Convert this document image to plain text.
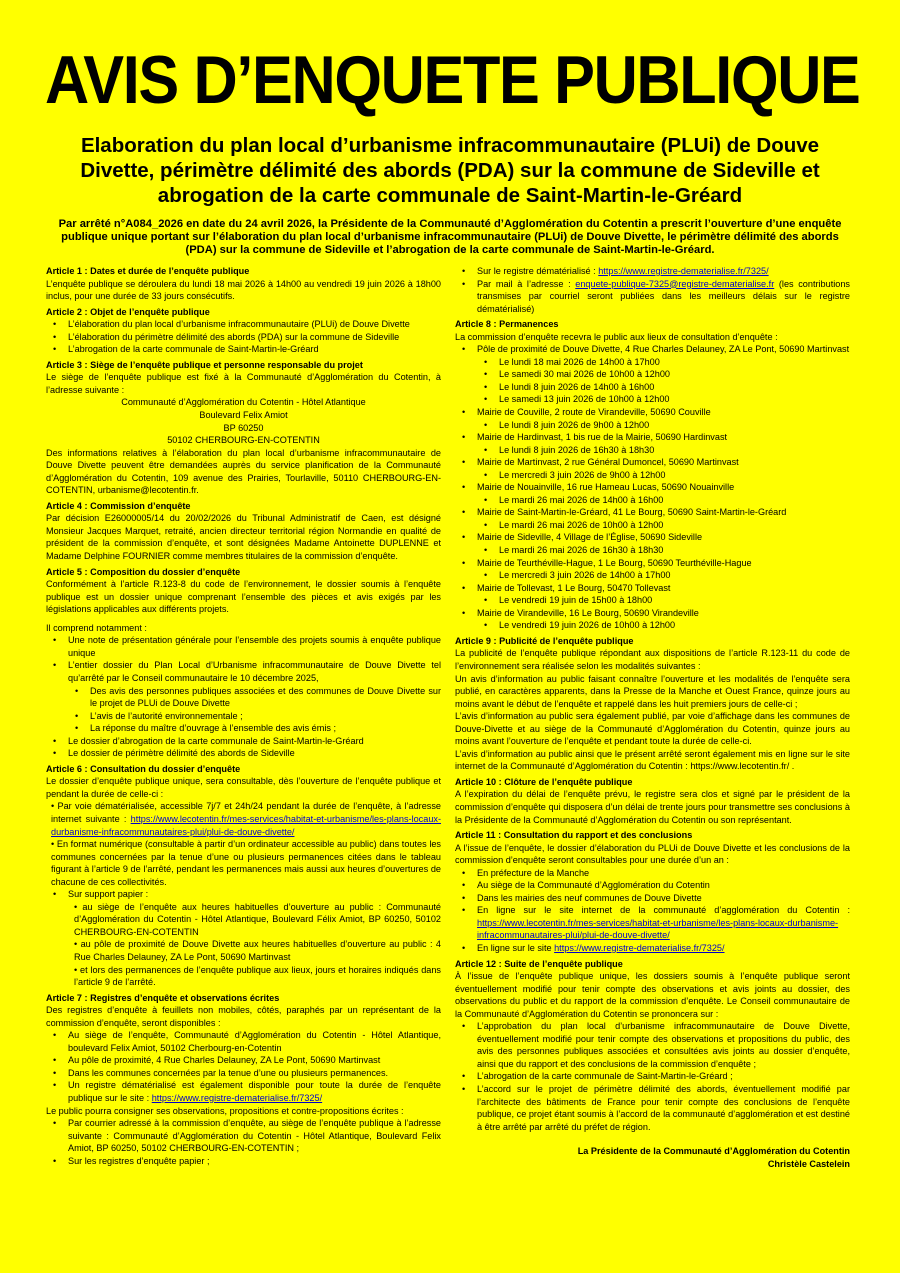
AVIS D’ENQUETE PUBLIQUE
Elaboration du plan local d’urbanisme infracommunautaire (PLUi) de Douve Divette, périmètre délimité des abords (PDA) sur la commune de Sideville et abrogation de la carte communale de Saint-Martin-le-Gréard
Par arrêté n°A084_2026 en date du 24 avril 2026, la Présidente de la Communauté d’Agglomération du Cotentin a prescrit l’ouverture d’une enquête publique unique portant sur l’élaboration du plan local d’urbanisme infracommunautaire (PLUi) de Douve Divette, le périmètre délimité des abords (PDA) sur la commune de Sideville et l’abrogation de la carte communale de Saint-Martin-le-Gréard.
Article 1 : Dates et durée de l’enquête publique
L’enquête publique se déroulera du lundi 18 mai 2026 à 14h00 au vendredi 19 juin 2026 à 18h00 inclus, pour une durée de 33 jours consécutifs.
Article 2 : Objet de l’enquête publique
• L’élaboration du plan local d’urbanisme infracommunautaire (PLUi) de Douve Divette
• L’élaboration du périmètre délimité des abords (PDA) sur la commune de Sideville
• L’abrogation de la carte communale de Saint-Martin-le-Gréard
Article 3 : Siège de l’enquête publique et personne responsable du projet
Le siège de l’enquête publique est fixé à la Communauté d’Agglomération du Cotentin, à l’adresse suivante :
Communauté d’Agglomération du Cotentin - Hôtel Atlantique
Boulevard Felix Amiot
BP 60250
50102 CHERBOURG-EN-COTENTIN
Des informations relatives à l’élaboration du plan local d’urbanisme infracommunautaire de Douve Divette peuvent être demandées auprès du service planification de la Communauté d’Agglomération du Cotentin, 109 avenue des Prairies, Tourlaville, 50110 CHERBOURG-EN-COTENTIN, urbanisme@lecotentin.fr.
Article 4 : Commission d’enquête
Par décision E26000005/14 du 20/02/2026 du Tribunal Administratif de Caen, est désigné Monsieur Jacques Marquet, retraité, ancien directeur territorial région Normandie en qualité de président de la commission d’enquête, et sont désignées Madame Antoinette DUPLENNE et Madame Delphine FOURNIER comme membres titulaires de la commission d’enquête.
Article 5 : Composition du dossier d’enquête
Conformément à l’article R.123-8 du code de l’environnement, le dossier soumis à l’enquête publique est un dossier unique comprenant l’ensemble des pièces et avis exigés par les législations applicables aux différents projets.
Il comprend notamment :
• Une note de présentation générale pour l’ensemble des projets soumis à enquête publique unique
• L’entier dossier du Plan Local d’Urbanisme infracommunautaire de Douve Divette tel qu’arrêté par le Conseil communautaire le 10 décembre 2025,
• Des avis des personnes publiques associées et des communes de Douve Divette sur le projet de PLUi de Douve Divette
• L’avis de l’autorité environnementale ;
• La réponse du maître d’ouvrage à l’ensemble des avis émis ;
• Le dossier d’abrogation de la carte communale de Saint-Martin-le-Gréard
• Le dossier de périmètre délimité des abords de Sideville
Article 6 : Consultation du dossier d’enquête
Le dossier d’enquête publique unique, sera consultable, dès l’ouverture de l’enquête publique et pendant la durée de celle-ci :
• Par voie dématérialisée, accessible 7j/7 et 24h/24 pendant la durée de l’enquête, à l’adresse internet suivante : https://www.lecotentin.fr/mes-services/habitat-et-urbanisme/les-plans-locaux-durbanisme-infracommunautaires-plui/plui-de-douve-divette/
• En format numérique (consultable à partir d’un ordinateur accessible au public) dans toutes les communes concernées par la tenue d’une ou plusieurs permanences citées dans le tableau figurant à l’article 9 de l’arrêté, pendant les permanences mais aussi aux heures d’ouvertures de chacune de ces collectivités.
• Sur support papier :
• au siège de l’enquête aux heures habituelles d’ouverture au public : Communauté d’Agglomération du Cotentin - Hôtel Atlantique, Boulevard Félix Amiot, BP 60250, 50102 CHERBOURG-EN-COTENTIN
• au pôle de proximité de Douve Divette aux heures habituelles d’ouverture au public : 4 Rue Charles Delauney, ZA Le Pont, 50690 Martinvast
• et lors des permanences de l’enquête publique aux lieux, jours et horaires indiqués dans l’article 9 de l’arrêté.
Article 7 : Registres d’enquête et observations écrites
Des registres d’enquête à feuillets non mobiles, côtés, paraphés par un représentant de la commission d’enquête, seront disponibles :
• Au siège de l’enquête, Communauté d’Agglomération du Cotentin - Hôtel Atlantique, boulevard Felix Amiot, 50102 Cherbourg-en-Cotentin
• Au pôle de proximité, 4 Rue Charles Delauney, ZA Le Pont, 50690 Martinvast
• Dans les communes concernées par la tenue d’une ou plusieurs permanences.
• Un registre dématérialisé est également disponible pour toute la durée de l’enquête publique sur le site : https://www.registre-dematerialise.fr/7325/
Le public pourra consigner ses observations, propositions et contre-propositions écrites :
• Par courrier adressé à la commission d’enquête, au siège de l’enquête publique à l’adresse suivante : Communauté d’Agglomération du Cotentin - Hôtel Atlantique, Boulevard Felix Amiot, BP 60250, 50102 CHERBOURG-EN-COTENTIN ;
• Sur les registres d’enquête papier ;
• Sur le registre dématérialisé : https://www.registre-dematerialise.fr/7325/
• Par mail à l’adresse : enquete-publique-7325@registre-dematerialise.fr (les contributions transmises par courriel seront publiées dans les meilleurs délais sur le registre dématérialisé)
Article 8 : Permanences
La commission d’enquête recevra le public aux lieux de consultation d’enquête :
• Pôle de proximité de Douve Divette, 4 Rue Charles Delauney, ZA Le Pont, 50690 Martinvast
• Le lundi 18 mai 2026 de 14h00 à 17h00
• Le samedi 30 mai 2026 de 10h00 à 12h00
• Le lundi 8 juin 2026 de 14h00 à 16h00
• Le samedi 13 juin 2026 de 10h00 à 12h00
• Mairie de Couville, 2 route de Virandeville, 50690 Couville
• Le lundi 8 juin 2026 de 9h00 à 12h00
• Mairie de Hardinvast, 1 bis rue de la Mairie, 50690 Hardinvast
• Le lundi 8 juin 2026 de 16h30 à 18h30
• Mairie de Martinvast, 2 rue Général Dumoncel, 50690 Martinvast
• Le mercredi 3 juin 2026 de 9h00 à 12h00
• Mairie de Nouainville, 16 rue Hameau Lucas, 50690 Nouainville
• Le mardi 26 mai 2026 de 14h00 à 16h00
• Mairie de Saint-Martin-le-Gréard, 41 Le Bourg, 50690 Saint-Martin-le-Gréard
• Le mardi 26 mai 2026 de 10h00 à 12h00
• Mairie de Sideville, 4 Village de l’Église, 50690 Sideville
• Le mardi 26 mai 2026 de 16h30 à 18h30
• Mairie de Teurthéville-Hague, 1 Le Bourg, 50690 Teurthéville-Hague
• Le mercredi 3 juin 2026 de 14h00 à 17h00
• Mairie de Tollevast, 1 Le Bourg, 50470 Tollevast
• Le vendredi 19 juin de 15h00 à 18h00
• Mairie de Virandeville, 16 Le Bourg, 50690 Virandeville
• Le vendredi 19 juin 2026 de 10h00 à 12h00
Article 9 : Publicité de l’enquête publique
La publicité de l’enquête publique répondant aux dispositions de l’article R.123-11 du code de l’environnement sera réalisée selon les modalités suivantes :
Un avis d’information au public faisant connaître l’ouverture et les modalités de l’enquête sera publié, en caractères apparents, dans la Presse de la Manche et Ouest France, quinze jours au moins avant le début de l’enquête et rappelé dans les huit premiers jours de celle-ci ;
L’avis d’information au public sera également publié, par voie d’affichage dans les communes de Douve-Divette et au siège de la Communauté d’Agglomération du Cotentin, quinze jours au moins avant l’ouverture de l’enquête et pendant toute la durée de celle-ci.
L’avis d’information au public ainsi que le présent arrêté seront également mis en ligne sur le site internet de la Communauté d’Agglomération du Cotentin : https://www.lecotentin.fr/ .
Article 10 : Clôture de l’enquête publique
A l’expiration du délai de l’enquête prévu, le registre sera clos et signé par le président de la commission d’enquête qui disposera d’un délai de trente jours pour transmettre ses conclusions à la Présidente de la Communauté d’Agglomération du Cotentin ou son représentant.
Article 11 : Consultation du rapport et des conclusions
A l’issue de l’enquête, le dossier d’élaboration du PLUi de Douve Divette et les conclusions de la commission d’enquête seront consultables pour une durée d’un an :
• En préfecture de la Manche
• Au siège de la Communauté d’Agglomération du Cotentin
• Dans les mairies des neuf communes de Douve Divette
• En ligne sur le site internet de la communauté d’agglomération du Cotentin : https://www.lecotentin.fr/mes-services/habitat-et-urbanisme/les-plans-locaux-durbanisme-infracommunautaires-plui/plui-de-douve-divette/
• En ligne sur le site https://www.registre-dematerialise.fr/7325/
Article 12 : Suite de l’enquête publique
À l’issue de l’enquête publique unique, les dossiers soumis à l’enquête publique seront éventuellement modifié pour tenir compte des observations et avis joints au dossier, des observations du public et du rapport de la commission d’enquête. Le Conseil communautaire de la Communauté d’Agglomération du Cotentin se prononcera sur :
• L’approbation du plan local d’urbanisme infracommunautaire de Douve Divette, éventuellement modifié pour tenir compte des observations et propositions du public, des avis des personnes publiques associées et consultées avis joints au dossier d’enquête, ainsi que du rapport et des conclusions de la commission d’enquête ;
• L’abrogation de la carte communale de Saint-Martin-le-Gréard ;
• L’accord sur le projet de périmètre délimité des abords, éventuellement modifié par l’architecte des bâtiments de France pour tenir compte des conclusions de l’enquête publique, ce projet étant soumis à l’accord de la communauté d’agglomération et est destiné à être arrêté par arrêté du préfet de région.
La Présidente de la Communauté d’Agglomération du Cotentin
Christèle Castelein
